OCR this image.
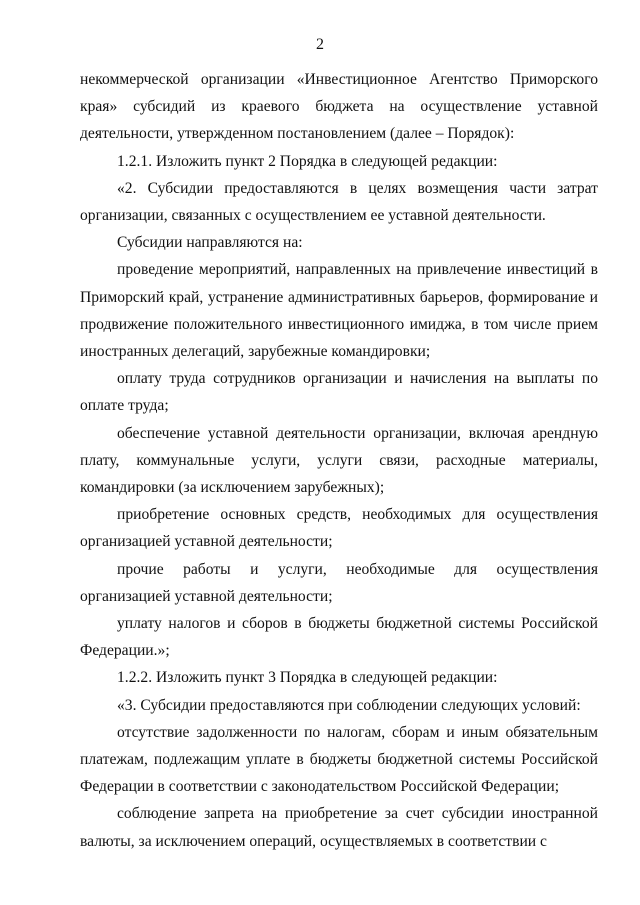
2

некоммерческой организации «Инвестиционное Агентство Приморского края» субсидий из краевого бюджета на осуществление уставной деятельности, утвержденном постановлением (далее – Порядок):

1.2.1. Изложить пункт 2 Порядка в следующей редакции:

«2. Субсидии предоставляются в целях возмещения части затрат организации, связанных с осуществлением ее уставной деятельности.

Субсидии направляются на:

проведение мероприятий, направленных на привлечение инвестиций в Приморский край, устранение административных барьеров, формирование и продвижение положительного инвестиционного имиджа, в том числе прием иностранных делегаций, зарубежные командировки;

оплату труда сотрудников организации и начисления на выплаты по оплате труда;

обеспечение уставной деятельности организации, включая арендную плату, коммунальные услуги, услуги связи, расходные материалы, командировки (за исключением зарубежных);

приобретение основных средств, необходимых для осуществления организацией уставной деятельности;

прочие работы и услуги, необходимые для осуществления организацией уставной деятельности;

уплату налогов и сборов в бюджеты бюджетной системы Российской Федерации.»;

1.2.2. Изложить пункт 3 Порядка в следующей редакции:

«3. Субсидии предоставляются при соблюдении следующих условий:

отсутствие задолженности по налогам, сборам и иным обязательным платежам, подлежащим уплате в бюджеты бюджетной системы Российской Федерации в соответствии с законодательством Российской Федерации;

соблюдение запрета на приобретение за счет субсидии иностранной валюты, за исключением операций, осуществляемых в соответствии с
